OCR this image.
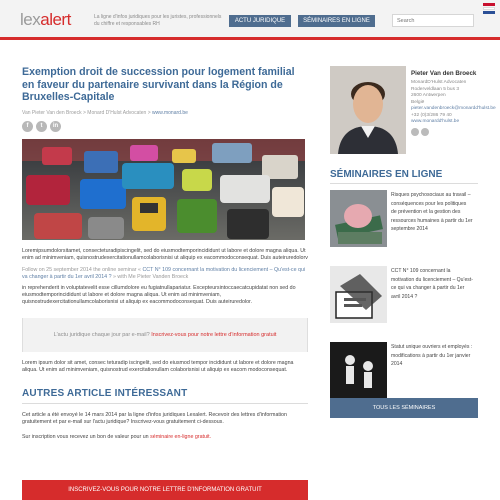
lexalert	La ligne d'infos juridiques pour les juristes, professionnels du chiffre et responsables RH	ACTU JURIDIQUE	SÉMINAIRES EN LIGNE
Search
Exemption droit de succession pour logement familial en faveur du partenaire survivant dans la Région de Bruxelles-Capitale
Van Pieter Van den Broeck > Monard D'Hulst Advocaten > www.monard.be
f	t	in
Loremipsumdolorsitamet, consecteturadipiscingelit, sed do eiusmodtemporincididunt ut labore et dolore magna aliqua. Ut enim ad minimveniam, quisnostrudexercitationullamcolaborisnisi ut aliquip ex eacommodoconsequat. Duis auteiruredolorv
Follow on 25 september 2014 the online seminar « CCT N° 109 concernant la motivation du licenciement – Qu'est-ce qui va changer à partir du 1er avril 2014 ? » with Me Pieter Vanden Broeck
in reprehenderit in voluptatevelit esse cillumdolore eu fugiatnullapariatur. Excepteursintoccaecatcupidatat non sed do eiusmodtemporincididunt ut labore et dolore magna aliqua. Ut enim ad minimveniam, quisnostrudexercitationullamcolaborisnisi ut aliquip ex eacommodoconsequat. Duis auteiruredolor.
L'actu juridique chaque jour par e-mail? Inscrivez-vous pour notre lettre d'information gratuit
Lorem ipsum dolor sit amet, consec teturadip iscingelit, sed do eiusmod tempor incididunt ut labore et dolore magna aliqua. Ut enim ad minimveniam, quisnostrud exercitationullam colaborisnisi ut aliquip ex eacom modoconsequat.
AUTRES ARTICLE INTÉRESSANT
Cet article a été envoyé le 14 mars 2014 par la ligne d'infos juridiques Lexalert. Recevoir des lettres d'information gratuitement et par e-mail sur l'actu juridique? Inscrivez-vous gratuitement ci-dessous.
Sur inscription vous recevez un bon de valeur pour un séminaire en-ligne gratuit.
INSCRIVEZ-VOUS POUR NOTRE LETTRE D'INFORMATION GRATUIT
Pieter Van den Broeck
MonardD'Hulst Advocaten
Roderveldlaan 5 bus 3
2600 Antwerpen
België
pieter.vandenbroeck@monardd'hulst.be
+32 (0)3/286 79 40
www.monardd'hulst.be
SÉMINAIRES EN LIGNE
Risques psychosociaux au travail – conséquences pour les politiques de prévention et la gestion des ressources humaines à partir du 1er septembre 2014
CCT N° 109 concernant la motivation du licenciement – Qu'est-ce qui va changer à partir du 1er avril 2014 ?
Statut unique ouvriers et employés : modifications à partir du 1er janvier 2014
TOUS LES SÉMINAIRES
